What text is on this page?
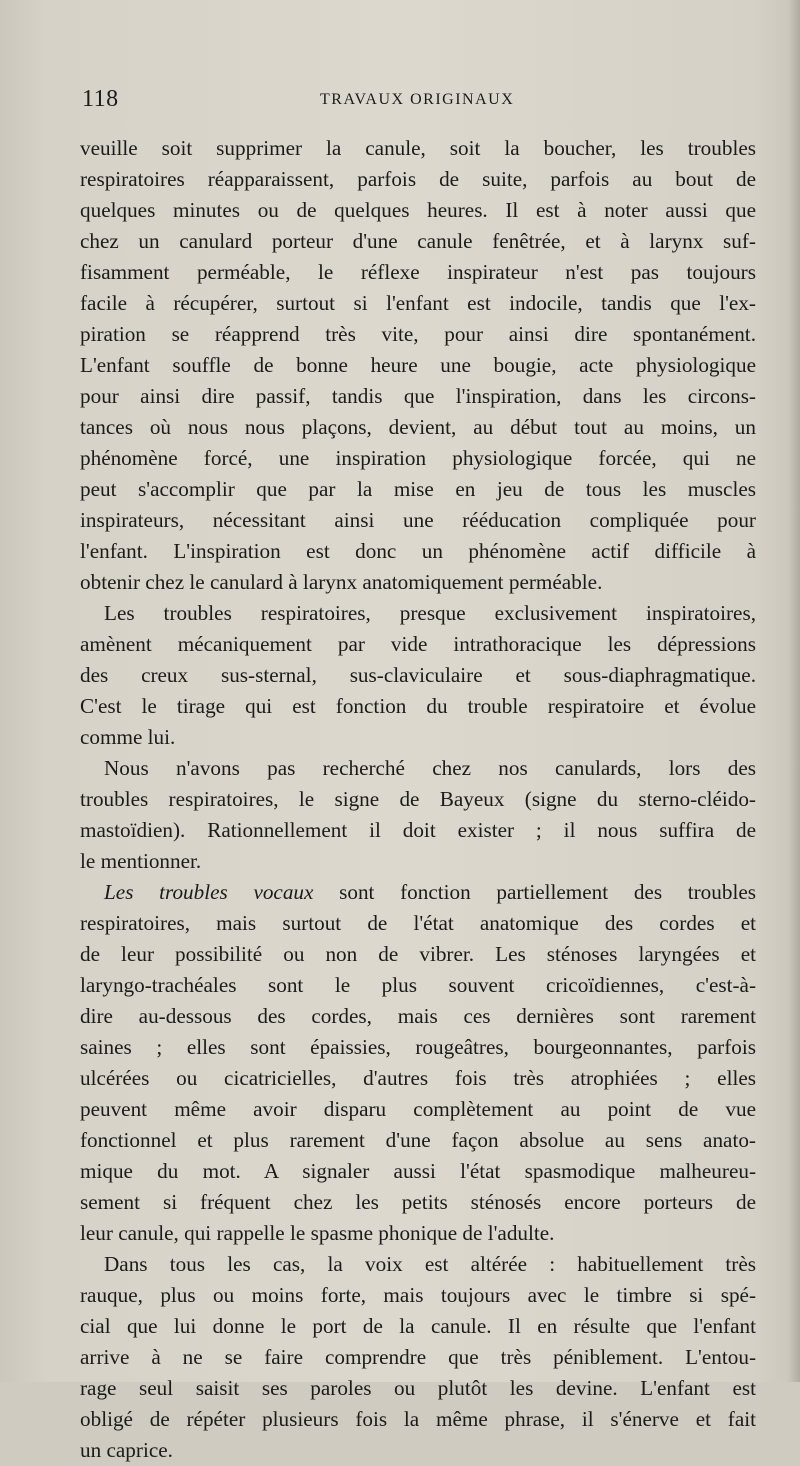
118	TRAVAUX ORIGINAUX
veuille soit supprimer la canule, soit la boucher, les troubles
respiratoires réapparaissent, parfois de suite, parfois au bout de
quelques minutes ou de quelques heures. Il est à noter aussi que
chez un canulard porteur d'une canule fenêtrée, et à larynx suf-
fisamment perméable, le réflexe inspirateur n'est pas toujours
facile à récupérer, surtout si l'enfant est indocile, tandis que l'ex-
piration se réapprend très vite, pour ainsi dire spontanément.
L'enfant souffle de bonne heure une bougie, acte physiologique
pour ainsi dire passif, tandis que l'inspiration, dans les circons-
tances où nous nous plaçons, devient, au début tout au moins, un
phénomène forcé, une inspiration physiologique forcée, qui ne
peut s'accomplir que par la mise en jeu de tous les muscles
inspirateurs, nécessitant ainsi une rééducation compliquée pour
l'enfant. L'inspiration est donc un phénomène actif difficile à
obtenir chez le canulard à larynx anatomiquement perméable.
Les troubles respiratoires, presque exclusivement inspiratoires,
amènent mécaniquement par vide intrathoracique les dépressions
des creux sus-sternal, sus-claviculaire et sous-diaphragmatique.
C'est le tirage qui est fonction du trouble respiratoire et évolue
comme lui.
Nous n'avons pas recherché chez nos canulards, lors des
troubles respiratoires, le signe de Bayeux (signe du sterno-cléido-
mastoïdien). Rationnellement il doit exister ; il nous suffira de
le mentionner.
Les troubles vocaux sont fonction partiellement des troubles
respiratoires, mais surtout de l'état anatomique des cordes et
de leur possibilité ou non de vibrer. Les sténoses laryngées et
laryngo-trachéales sont le plus souvent cricoïdiennes, c'est-à-
dire au-dessous des cordes, mais ces dernières sont rarement
saines ; elles sont épaissies, rougeâtres, bourgeonnantes, parfois
ulcérées ou cicatricielles, d'autres fois très atrophiées ; elles
peuvent même avoir disparu complètement au point de vue
fonctionnel et plus rarement d'une façon absolue au sens anato-
mique du mot. A signaler aussi l'état spasmodique malheureu-
sement si fréquent chez les petits sténosés encore porteurs de
leur canule, qui rappelle le spasme phonique de l'adulte.
Dans tous les cas, la voix est altérée : habituellement très
rauque, plus ou moins forte, mais toujours avec le timbre si spé-
cial que lui donne le port de la canule. Il en résulte que l'enfant
arrive à ne se faire comprendre que très péniblement. L'entou-
rage seul saisit ses paroles ou plutôt les devine. L'enfant est
obligé de répéter plusieurs fois la même phrase, il s'énerve et fait
un caprice.
